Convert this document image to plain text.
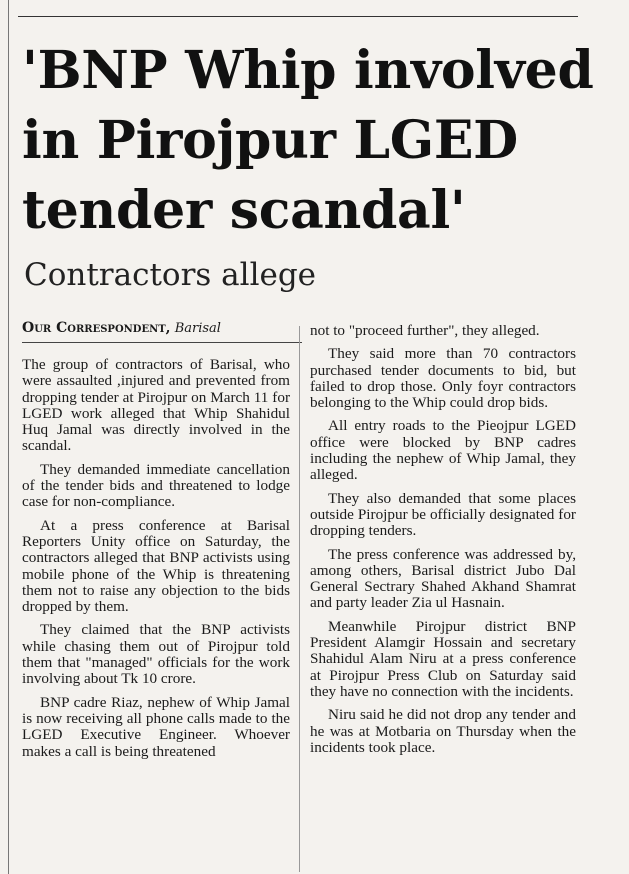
'BNP Whip involved in Pirojpur LGED tender scandal'
Contractors allege
Our Correspondent, Barisal

The group of contractors of Barisal, who were assaulted ,injured and prevented from dropping tender at Pirojpur on March 11 for LGED work alleged that Whip Shahidul Huq Jamal was directly involved in the scandal.

They demanded immediate cancellation of the tender bids and threatened to lodge case for non-compliance.

At a press conference at Barisal Reporters Unity office on Saturday, the contractors alleged that BNP activists using mobile phone of the Whip is threatening them not to raise any objection to the bids dropped by them.

They claimed that the BNP activists while chasing them out of Pirojpur told them that "managed" officials for the work involving about Tk 10 crore.

BNP cadre Riaz, nephew of Whip Jamal is now receiving all phone calls made to the LGED Executive Engineer. Whoever makes a call is being threatened

not to "proceed further", they alleged.

They said more than 70 contractors purchased tender documents to bid, but failed to drop those. Only foyr contractors belonging to the Whip could drop bids.

All entry roads to the Pieojpur LGED office were blocked by BNP cadres including the nephew of Whip Jamal, they alleged.

They also demanded that some places outside Pirojpur be officially designated for dropping tenders.

The press conference was addressed by, among others, Barisal district Jubo Dal General Sectrary Shahed Akhand Shamrat and party leader Zia ul Hasnain.

Meanwhile Pirojpur district BNP President Alamgir Hossain and secretary Shahidul Alam Niru at a press conference at Pirojpur Press Club on Saturday said they have no connection with the incidents.

Niru said he did not drop any tender and he was at Motbaria on Thursday when the incidents took place.
